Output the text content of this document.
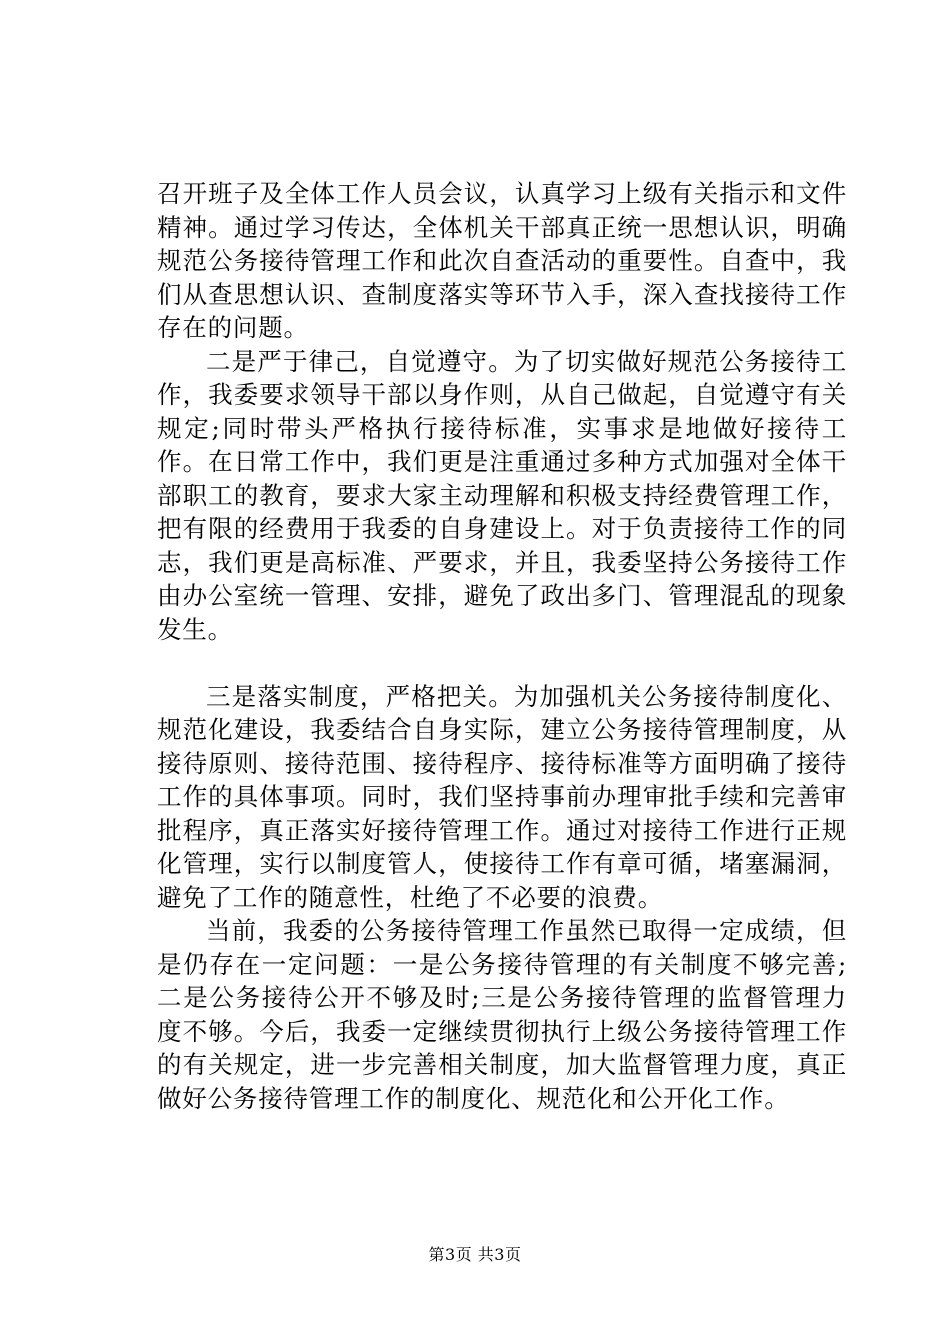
召开班子及全体工作人员会议，认真学习上级有关指示和文件精神。通过学习传达，全体机关干部真正统一思想认识，明确规范公务接待管理工作和此次自查活动的重要性。自查中，我们从查思想认识、查制度落实等环节入手，深入查找接待工作存在的问题。

二是严于律己，自觉遵守。为了切实做好规范公务接待工作，我委要求领导干部以身作则，从自己做起，自觉遵守有关规定;同时带头严格执行接待标准，实事求是地做好接待工作。在日常工作中，我们更是注重通过多种方式加强对全体干部职工的教育，要求大家主动理解和积极支持经费管理工作，把有限的经费用于我委的自身建设上。对于负责接待工作的同志，我们更是高标准、严要求，并且，我委坚持公务接待工作由办公室统一管理、安排，避免了政出多门、管理混乱的现象发生。

三是落实制度，严格把关。为加强机关公务接待制度化、规范化建设，我委结合自身实际，建立公务接待管理制度，从接待原则、接待范围、接待程序、接待标准等方面明确了接待工作的具体事项。同时，我们坚持事前办理审批手续和完善审批程序，真正落实好接待管理工作。通过对接待工作进行正规化管理，实行以制度管人，使接待工作有章可循，堵塞漏洞，避免了工作的随意性，杜绝了不必要的浪费。

当前，我委的公务接待管理工作虽然已取得一定成绩，但是仍存在一定问题：一是公务接待管理的有关制度不够完善;二是公务接待公开不够及时;三是公务接待管理的监督管理力度不够。今后，我委一定继续贯彻执行上级公务接待管理工作的有关规定，进一步完善相关制度，加大监督管理力度，真正做好公务接待管理工作的制度化、规范化和公开化工作。

第3页 共3页
